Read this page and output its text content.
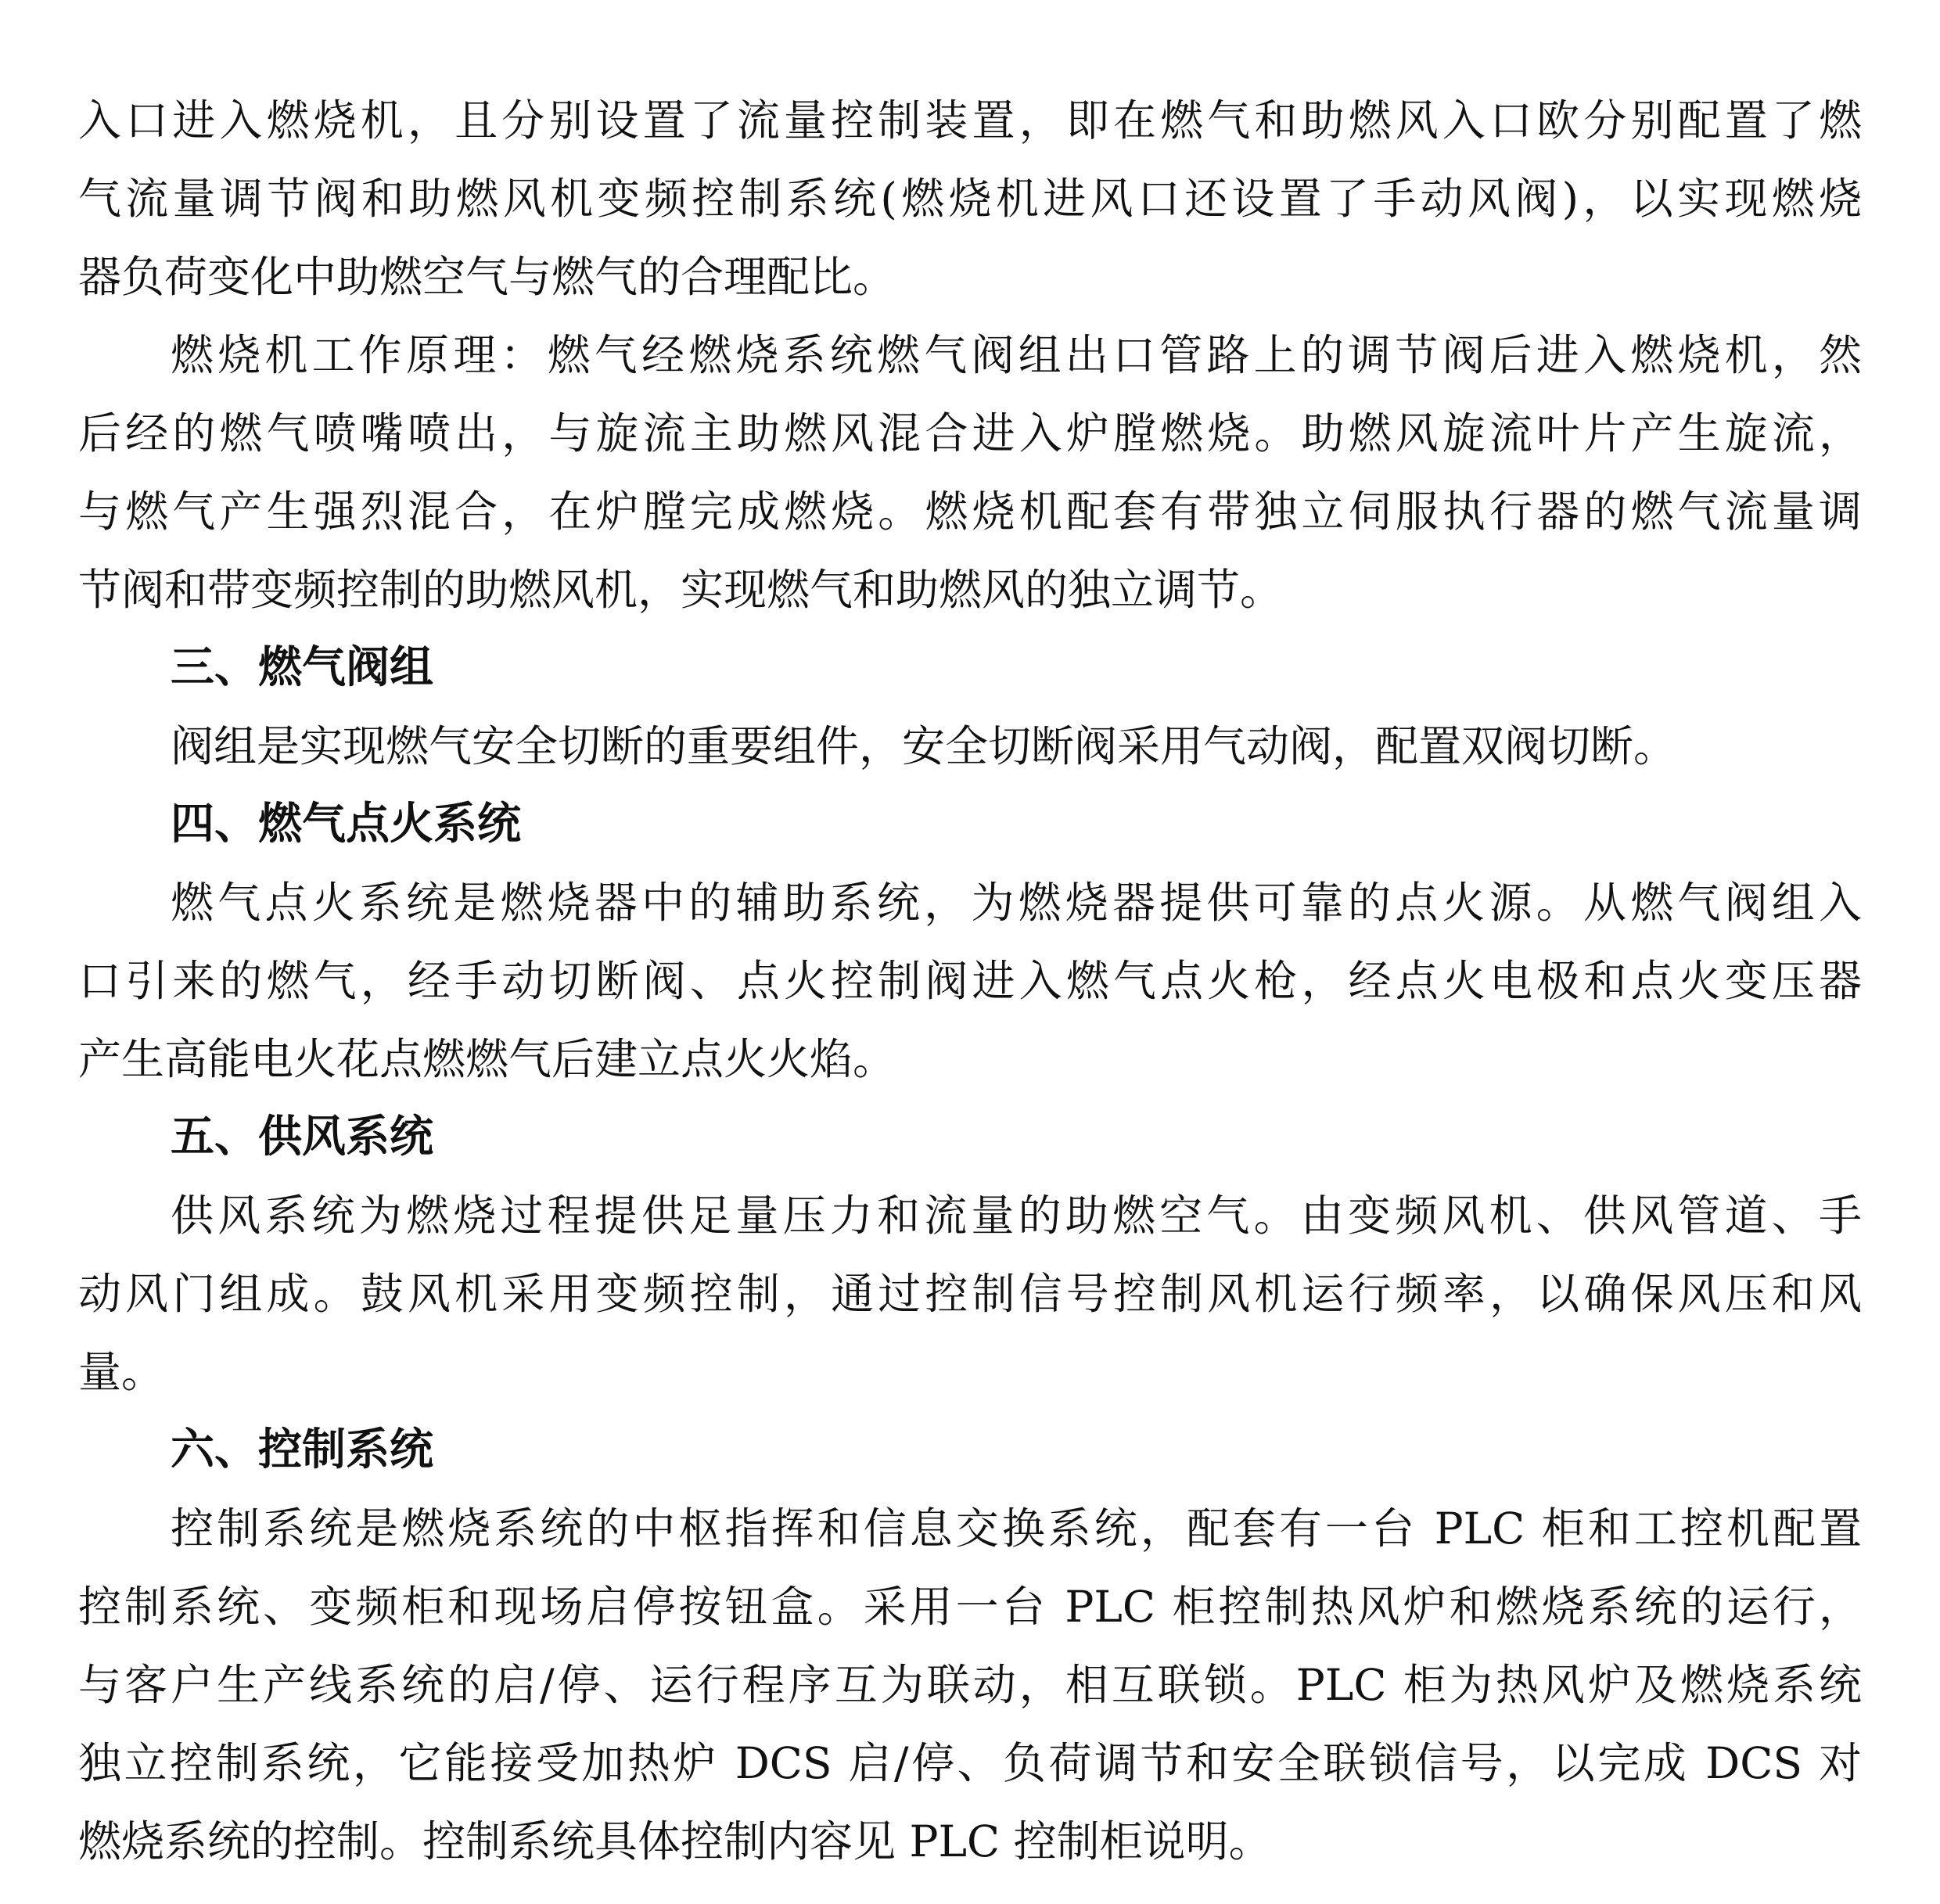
入口进入燃烧机，且分别设置了流量控制装置，即在燃气和助燃风入口欧分别配置了燃
气流量调节阀和助燃风机变频控制系统(燃烧机进风口还设置了手动风阀)，以实现燃烧
器负荷变化中助燃空气与燃气的合理配比。
燃烧机工作原理：燃气经燃烧系统燃气阀组出口管路上的调节阀后进入燃烧机，然
后经的燃气喷嘴喷出，与旋流主助燃风混合进入炉膛燃烧。助燃风旋流叶片产生旋流，
与燃气产生强烈混合，在炉膛完成燃烧。燃烧机配套有带独立伺服执行器的燃气流量调
节阀和带变频控制的助燃风机，实现燃气和助燃风的独立调节。
三、燃气阀组
阀组是实现燃气安全切断的重要组件，安全切断阀采用气动阀，配置双阀切断。
四、燃气点火系统
燃气点火系统是燃烧器中的辅助系统，为燃烧器提供可靠的点火源。从燃气阀组入
口引来的燃气，经手动切断阀、点火控制阀进入燃气点火枪，经点火电极和点火变压器
产生高能电火花点燃燃气后建立点火火焰。
五、供风系统
供风系统为燃烧过程提供足量压力和流量的助燃空气。由变频风机、供风管道、手
动风门组成。鼓风机采用变频控制，通过控制信号控制风机运行频率，以确保风压和风
量。
六、控制系统
控制系统是燃烧系统的中枢指挥和信息交换系统，配套有一台 PLC 柜和工控机配置
控制系统、变频柜和现场启停按钮盒。采用一台 PLC 柜控制热风炉和燃烧系统的运行，
与客户生产线系统的启/停、运行程序互为联动，相互联锁。PLC 柜为热风炉及燃烧系统
独立控制系统，它能接受加热炉 DCS 启/停、负荷调节和安全联锁信号，以完成 DCS 对
燃烧系统的控制。控制系统具体控制内容见 PLC 控制柜说明。
